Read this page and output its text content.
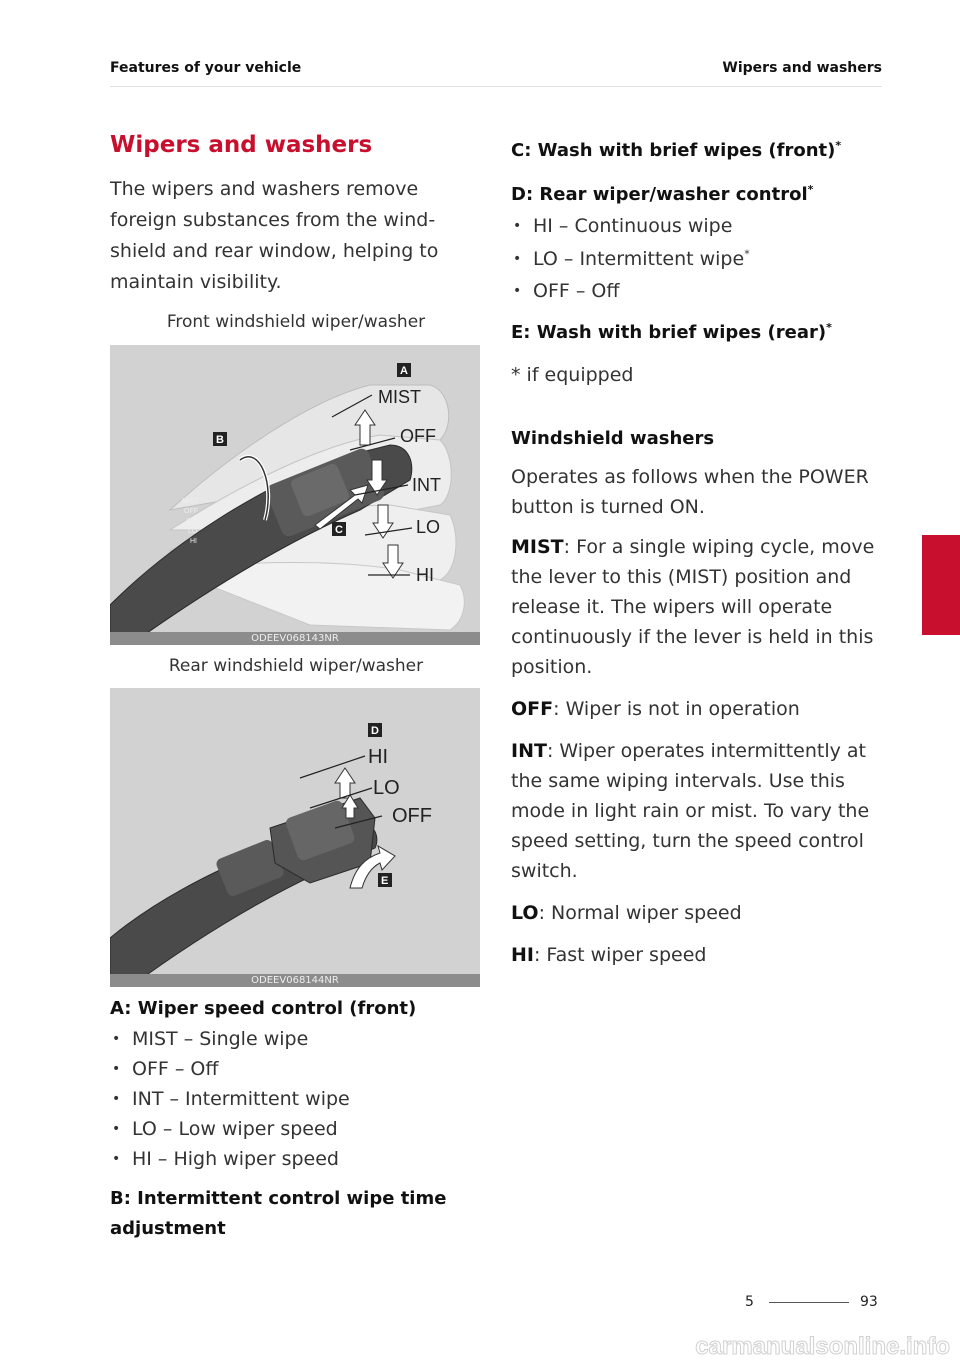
Features of your vehicle	Wipers and washers
Wipers and washers

The wipers and washers remove foreign substances from the wind-shield and rear window, helping to maintain visibility.

Front windshield wiper/washer
MIST
OFF
INT
LO
HI
A
B
C
MIST
OFF
INT
LO
HI
ODEEV068143NR
Rear windshield wiper/washer
D
E
HI
LO
OFF
ODEEV068144NR
A: Wiper speed control (front)
• MIST – Single wipe
• OFF – Off
• INT – Intermittent wipe
• LO – Low wiper speed
• HI – High wiper speed
B: Intermittent control wipe time
adjustment
C: Wash with brief wipes (front)*
D: Rear wiper/washer control*
• HI – Continuous wipe
• LO – Intermittent wipe*
• OFF – Off
E: Wash with brief wipes (rear)*

* if equipped

Windshield washers

Operates as follows when the POWER button is turned ON.

MIST: For a single wiping cycle, move the lever to this (MIST) position and release it. The wipers will operate continuously if the lever is held in this position.

OFF: Wiper is not in operation

INT: Wiper operates intermittently at the same wiping intervals. Use this mode in light rain or mist. To vary the speed setting, turn the speed control switch.

LO: Normal wiper speed

HI: Fast wiper speed

5
5	93
carmanualsonline.info
